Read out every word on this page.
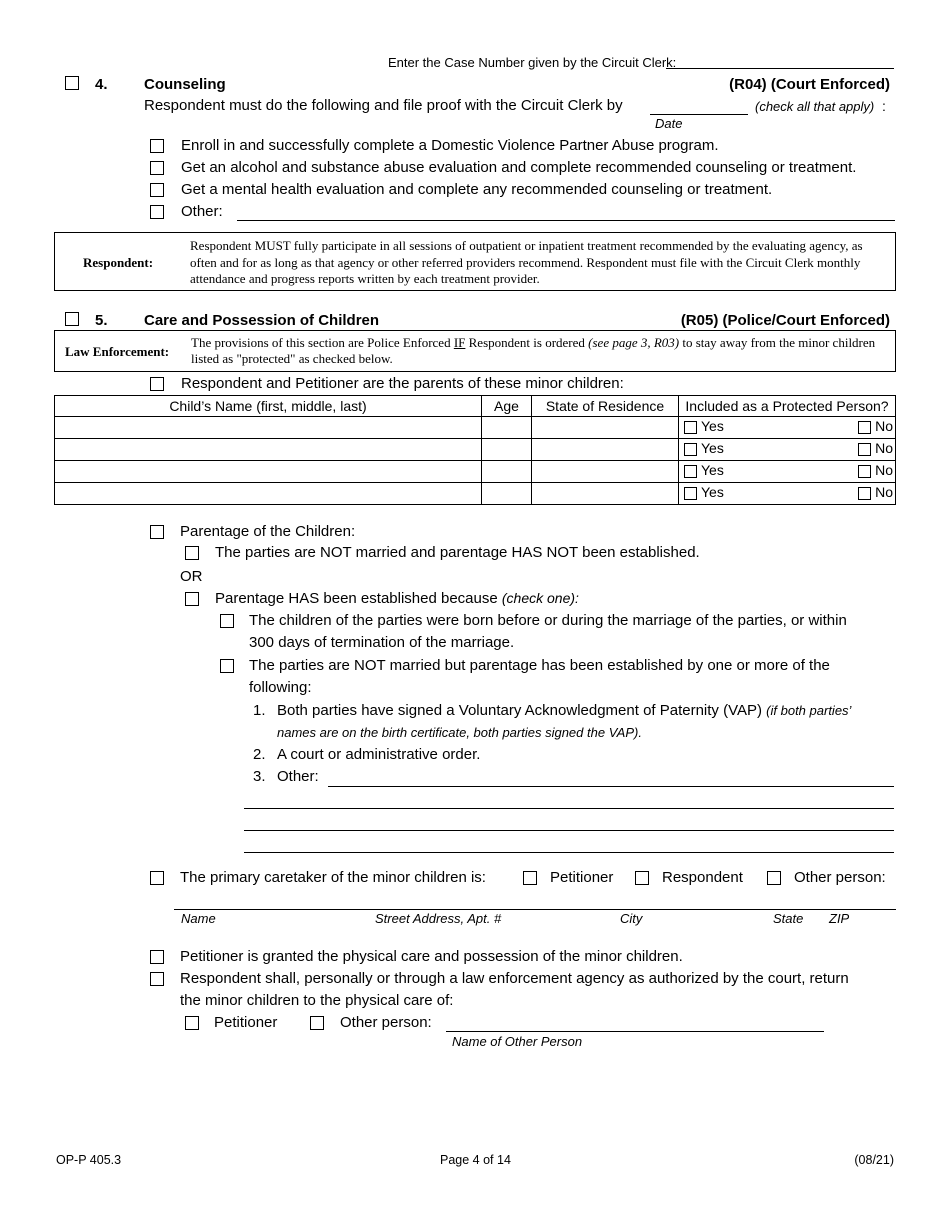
Enter the Case Number given by the Circuit Clerk:
4. Counseling	(R04) (Court Enforced)
Respondent must do the following and file proof with the Circuit Clerk by	(check all that apply) :
Date
Enroll in and successfully complete a Domestic Violence Partner Abuse program.
Get an alcohol and substance abuse evaluation and complete recommended counseling or treatment.
Get a mental health evaluation and complete any recommended counseling or treatment.
Other:
Respondent:
Respondent MUST fully participate in all sessions of outpatient or inpatient treatment recommended by the evaluating agency, as often and for as long as that agency or other referred providers recommend. Respondent must file with the Circuit Clerk monthly attendance and progress reports written by each treatment provider.
5. Care and Possession of Children	(R05) (Police/Court Enforced)
Law Enforcement:
The provisions of this section are Police Enforced IF Respondent is ordered (see page 3, R03) to stay away from the minor children listed as "protected" as checked below.
Respondent and Petitioner are the parents of these minor children:
Child’s Name (first, middle, last)	Age	State of Residence	Included as a Protected Person?

			Yes No

			Yes No

			Yes No

			Yes No
Parentage of the Children:
The parties are NOT married and parentage HAS NOT been established.
OR
Parentage HAS been established because (check one):
The children of the parties were born before or during the marriage of the parties, or within
300 days of termination of the marriage.
The parties are NOT married but parentage has been established by one or more of the
following:
1. Both parties have signed a Voluntary Acknowledgment of Paternity (VAP) (if both parties’
names are on the birth certificate, both parties signed the VAP).
2. A court or administrative order.
3. Other:
The primary caretaker of the minor children is:	Petitioner	Respondent	Other person:
Name	Street Address, Apt. #	City	State ZIP
Petitioner is granted the physical care and possession of the minor children.
Respondent shall, personally or through a law enforcement agency as authorized by the court, return
the minor children to the physical care of:
Petitioner	Other person:
Name of Other Person
OP-P 405.3	Page 4 of 14	(08/21)
